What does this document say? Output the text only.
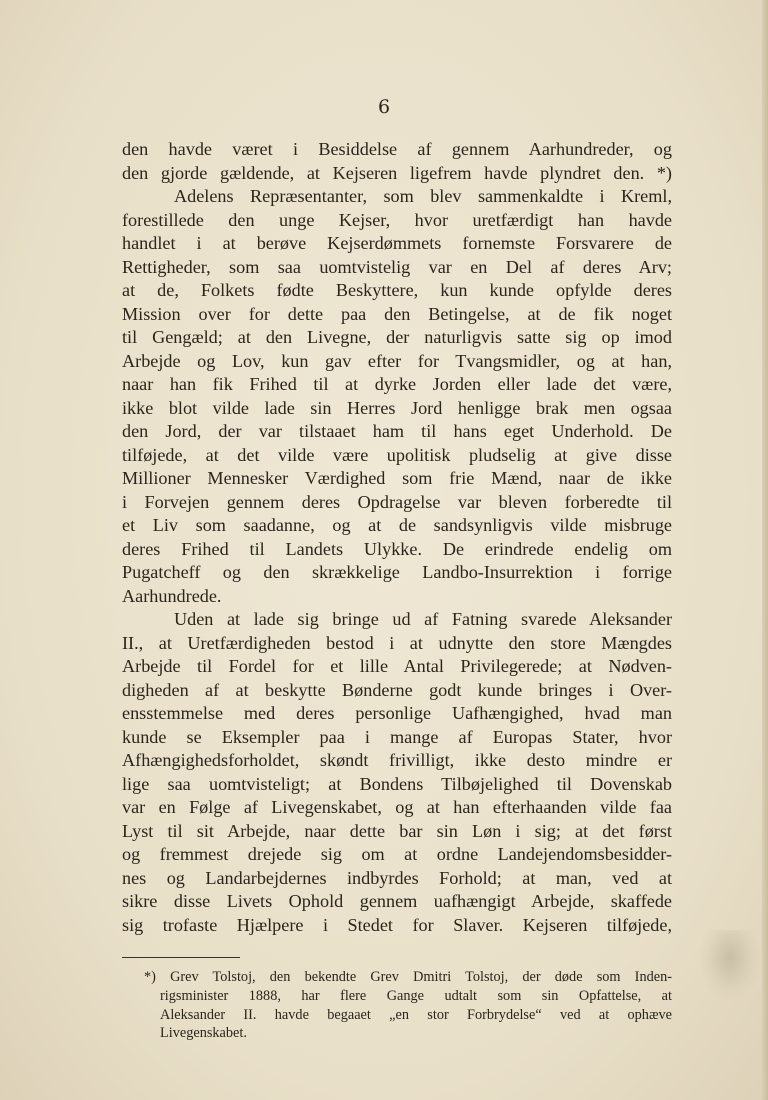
6
den havde været i Besiddelse af gennem Aarhundreder, og
den gjorde gældende, at Kejseren ligefrem havde plyndret den. *)
Adelens Repræsentanter, som blev sammenkaldte i Kreml,
forestillede den unge Kejser, hvor uretfærdigt han havde
handlet i at berøve Kejserdømmets fornemste Forsvarere de
Rettigheder, som saa uomtvistelig var en Del af deres Arv;
at de, Folkets fødte Beskyttere, kun kunde opfylde deres
Mission over for dette paa den Betingelse, at de fik noget
til Gengæld; at den Livegne, der naturligvis satte sig op imod
Arbejde og Lov, kun gav efter for Tvangsmidler, og at han,
naar han fik Frihed til at dyrke Jorden eller lade det være,
ikke blot vilde lade sin Herres Jord henligge brak men ogsaa
den Jord, der var tilstaaet ham til hans eget Underhold. De
tilføjede, at det vilde være upolitisk pludselig at give disse
Millioner Mennesker Værdighed som frie Mænd, naar de ikke
i Forvejen gennem deres Opdragelse var bleven forberedte til
et Liv som saadanne, og at de sandsynligvis vilde misbruge
deres Frihed til Landets Ulykke. De erindrede endelig om
Pugatcheff og den skrækkelige Landbo-Insurrektion i forrige
Aarhundrede.
Uden at lade sig bringe ud af Fatning svarede Aleksander
II., at Uretfærdigheden bestod i at udnytte den store Mængdes
Arbejde til Fordel for et lille Antal Privilegerede; at Nødven-
digheden af at beskytte Bønderne godt kunde bringes i Over-
ensstemmelse med deres personlige Uafhængighed, hvad man
kunde se Eksempler paa i mange af Europas Stater, hvor
Afhængighedsforholdet, skøndt frivilligt, ikke desto mindre er
lige saa uomtvisteligt; at Bondens Tilbøjelighed til Dovenskab
var en Følge af Livegenskabet, og at han efterhaanden vilde faa
Lyst til sit Arbejde, naar dette bar sin Løn i sig; at det først
og fremmest drejede sig om at ordne Landejendomsbesidder-
nes og Landarbejdernes indbyrdes Forhold; at man, ved at
sikre disse Livets Ophold gennem uafhængigt Arbejde, skaffede
sig trofaste Hjælpere i Stedet for Slaver. Kejseren tilføjede,
*) Grev Tolstoj, den bekendte Grev Dmitri Tolstoj, der døde som Inden-
rigsminister 1888, har flere Gange udtalt som sin Opfattelse, at
Aleksander II. havde begaaet „en stor Forbrydelse“ ved at ophæve
Livegenskabet.
